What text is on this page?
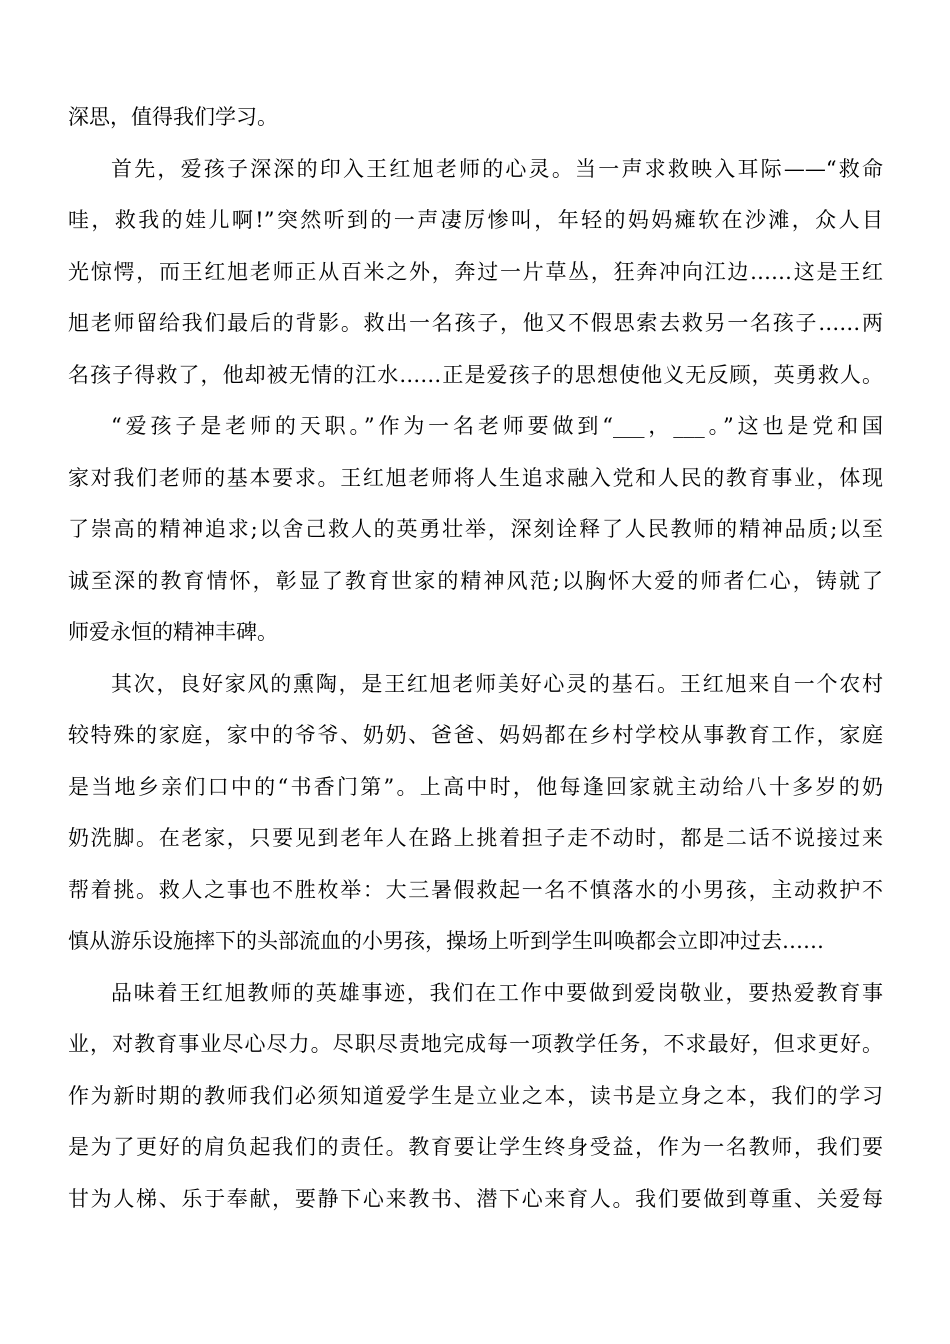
深思，值得我们学习。
首先，爱孩子深深的印入王红旭老师的心灵。当一声求救映入耳际——“救命
哇，救我的娃儿啊!”突然听到的一声凄厉惨叫，年轻的妈妈瘫软在沙滩，众人目
光惊愕，而王红旭老师正从百米之外，奔过一片草丛，狂奔冲向江边……这是王红
旭老师留给我们最后的背影。救出一名孩子，他又不假思索去救另一名孩子……两
名孩子得救了，他却被无情的江水……正是爱孩子的思想使他义无反顾，英勇救人。
“爱孩子是老师的天职。”作为一名老师要做到“___，___。”这也是党和国
家对我们老师的基本要求。王红旭老师将人生追求融入党和人民的教育事业，体现
了崇高的精神追求;以舍己救人的英勇壮举，深刻诠释了人民教师的精神品质;以至
诚至深的教育情怀，彰显了教育世家的精神风范;以胸怀大爱的师者仁心，铸就了
师爱永恒的精神丰碑。
其次，良好家风的熏陶，是王红旭老师美好心灵的基石。王红旭来自一个农村
较特殊的家庭，家中的爷爷、奶奶、爸爸、妈妈都在乡村学校从事教育工作，家庭
是当地乡亲们口中的“书香门第”。上高中时，他每逢回家就主动给八十多岁的奶
奶洗脚。在老家，只要见到老年人在路上挑着担子走不动时，都是二话不说接过来
帮着挑。救人之事也不胜枚举：大三暑假救起一名不慎落水的小男孩，主动救护不
慎从游乐设施摔下的头部流血的小男孩，操场上听到学生叫唤都会立即冲过去……
品味着王红旭教师的英雄事迹，我们在工作中要做到爱岗敬业，要热爱教育事
业，对教育事业尽心尽力。尽职尽责地完成每一项教学任务，不求最好，但求更好。
作为新时期的教师我们必须知道爱学生是立业之本，读书是立身之本，我们的学习
是为了更好的肩负起我们的责任。教育要让学生终身受益，作为一名教师，我们要
甘为人梯、乐于奉献，要静下心来教书、潜下心来育人。我们要做到尊重、关爱每
